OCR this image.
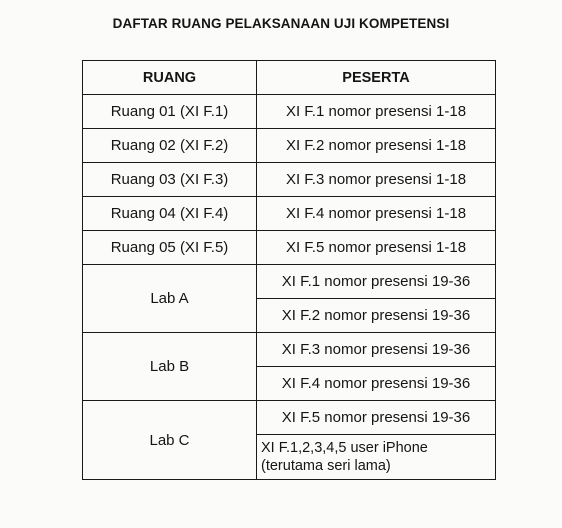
DAFTAR RUANG PELAKSANAAN UJI KOMPETENSI
RUANG	PESERTA
Ruang 01 (XI F.1)	XI F.1 nomor presensi 1-18
Ruang 02 (XI F.2)	XI F.2 nomor presensi 1-18
Ruang 03 (XI F.3)	XI F.3 nomor presensi 1-18
Ruang 04 (XI F.4)	XI F.4 nomor presensi 1-18
Ruang 05 (XI F.5)	XI F.5 nomor presensi 1-18
Lab A	XI F.1 nomor presensi 19-36
	XI F.2 nomor presensi 19-36
Lab B	XI F.3 nomor presensi 19-36
	XI F.4 nomor presensi 19-36
Lab C	XI F.5 nomor presensi 19-36

	XI F.1,2,3,4,5 user iPhone
(terutama seri lama)
